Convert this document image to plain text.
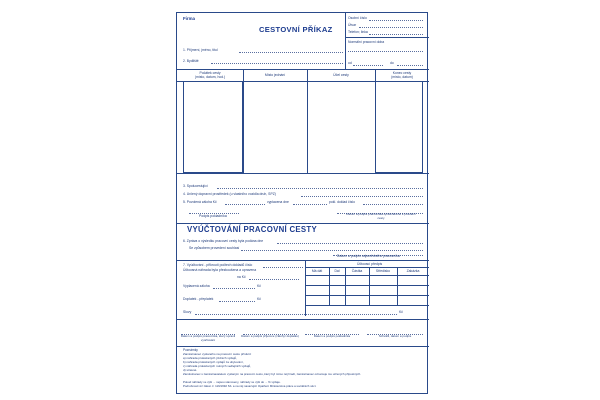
Firma
CESTOVNÍ PŘÍKAZ
Osobní číslo
Útvar
Telefon; linka
Normální pracovní doba
od	do
1. Příjmení, jméno, titul
2. Bydliště
Počátek cesty
(místo, datum, hod.)	Místo jednání	Účel cesty	Konec cesty
(místo, datum)
3. Spolucestující
4. Určený dopravní prostředek (u vlastního vozidla druh, SPZ)
5. Povolená záloha Kč	vyplacena dne	pokl. doklad číslo
Podpis pokladníka	Datum a podpis pracovníka oprávněného k povolení cesty
VYÚČTOVÁNÍ PRACOVNÍ CESTY
6. Zpráva o výsledku pracovní cesty byla podána dne
Se způsobem provedení souhlasí
Datum a podpis odpovědného pracovníka
7. Vyúčtování - přikroutí počtech dokladů číslo
Účtovaná náhrada byla přezkoušena a upravena
na Kč
Vyplacená záloha	Kč
Doplatek - přeplatek	Kč
Účtovací předpis
Má dát	Dal	Částka	Středisko	Zakázka
Slovy	Kč
Datum a podpis pracovníka, který upravil vyúčtování
Datum a podpis příjemce (zálohy/ doplatku)	Datum a podpis pokladníka	Schválil, datum a podpis
Poznámky
Zaměstnanec vyslaného na pracovní cestu přísluší:
a) náhrada prokázaných jízdních výdajů,
b) náhrada prokázaných výdajů za ubytování,
c) náhrada prokázaných nutných vedlejších výdajů,
d) stravné.
Zaměstnanec s zaměstnavatelem vyslaným na pracovní cestu, který byl mimo něj hradí, zaměstnanec oznamuje mu určených přípustných.
Pokud náhrady ve výši ... nejsou stanoveny, náhrady ve výši do ... % výdaje.
Podrobnosti viz zákon č. 119/1992 Sb. a na něj navazující Opatření Ministerstva práce a sociálních věcí.
